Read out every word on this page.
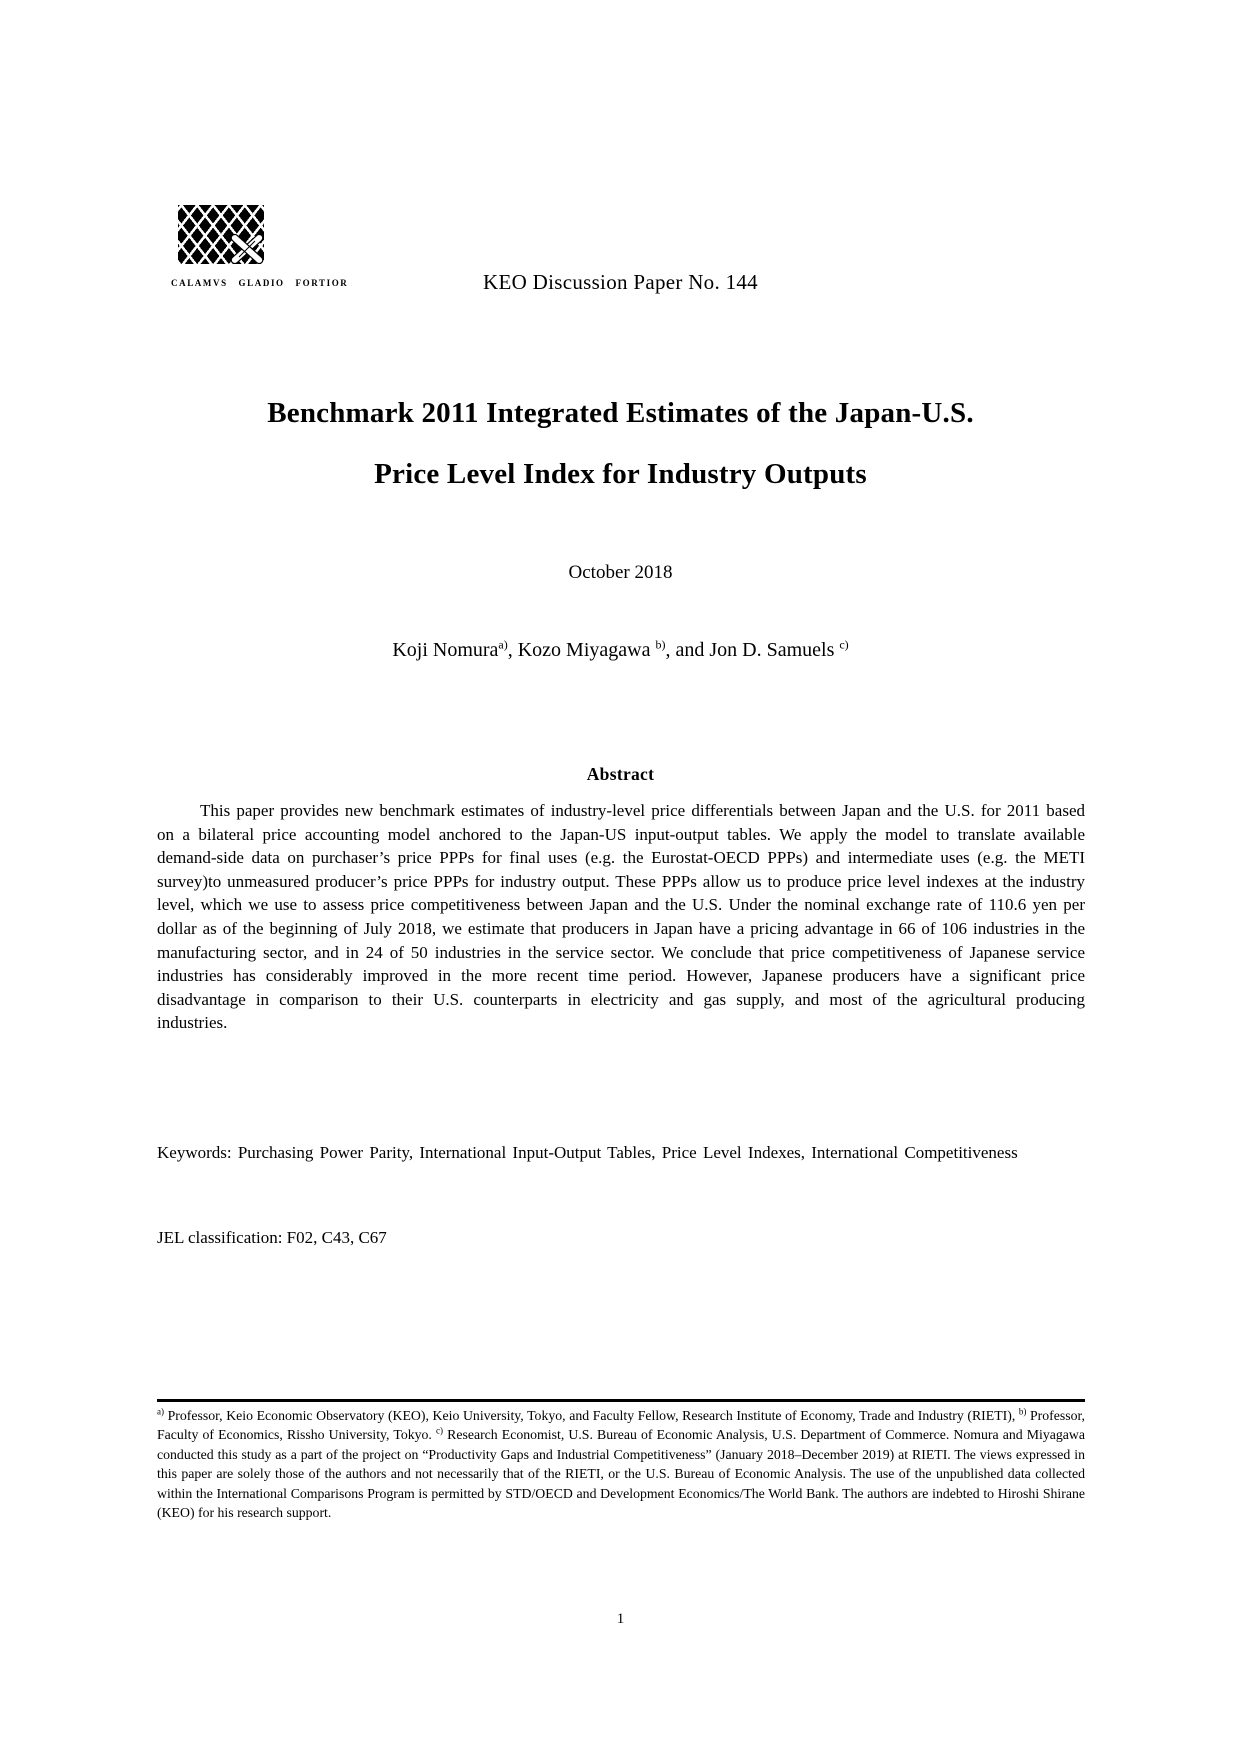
CALAMVS GLADIO FORTIOR	KEO Discussion Paper No. 144
Benchmark 2011 Integrated Estimates of the Japan-U.S.
Price Level Index for Industry Outputs
October 2018
Koji Nomura$^{a)}$, Kozo Miyagawa $^{b)}$, and Jon D. Samuels $^{c)}$
Abstract
This paper provides new benchmark estimates of industry-level price differentials between Japan and the U.S. for 2011 based on a bilateral price accounting model anchored to the Japan-US input-output tables. We apply the model to translate available demand-side data on purchaser’s price PPPs for final uses (e.g. the Eurostat-OECD PPPs) and intermediate uses (e.g. the METI survey)to unmeasured producer’s price PPPs for industry output. These PPPs allow us to produce price level indexes at the industry level, which we use to assess price competitiveness between Japan and the U.S. Under the nominal exchange rate of 110.6 yen per dollar as of the beginning of July 2018, we estimate that producers in Japan have a pricing advantage in 66 of 106 industries in the manufacturing sector, and in 24 of 50 industries in the service sector. We conclude that price competitiveness of Japanese service industries has considerably improved in the more recent time period. However, Japanese producers have a significant price disadvantage in comparison to their U.S. counterparts in electricity and gas supply, and most of the agricultural producing industries.
Keywords: Purchasing Power Parity, International Input-Output Tables, Price Level Indexes, International Competitiveness
JEL classification: F02, C43, C67
$^{a)}$ Professor, Keio Economic Observatory (KEO), Keio University, Tokyo, and Faculty Fellow, Research Institute of Economy, Trade and Industry (RIETI), $^{b)}$ Professor, Faculty of Economics, Rissho University, Tokyo. $^{c)}$ Research Economist, U.S. Bureau of Economic Analysis, U.S. Department of Commerce. Nomura and Miyagawa conducted this study as a part of the project on “Productivity Gaps and Industrial Competitiveness” (January 2018–December 2019) at RIETI. The views expressed in this paper are solely those of the authors and not necessarily that of the RIETI, or the U.S. Bureau of Economic Analysis. The use of the unpublished data collected within the International Comparisons Program is permitted by STD/OECD and Development Economics/The World Bank. The authors are indebted to Hiroshi Shirane (KEO) for his research support.
1
